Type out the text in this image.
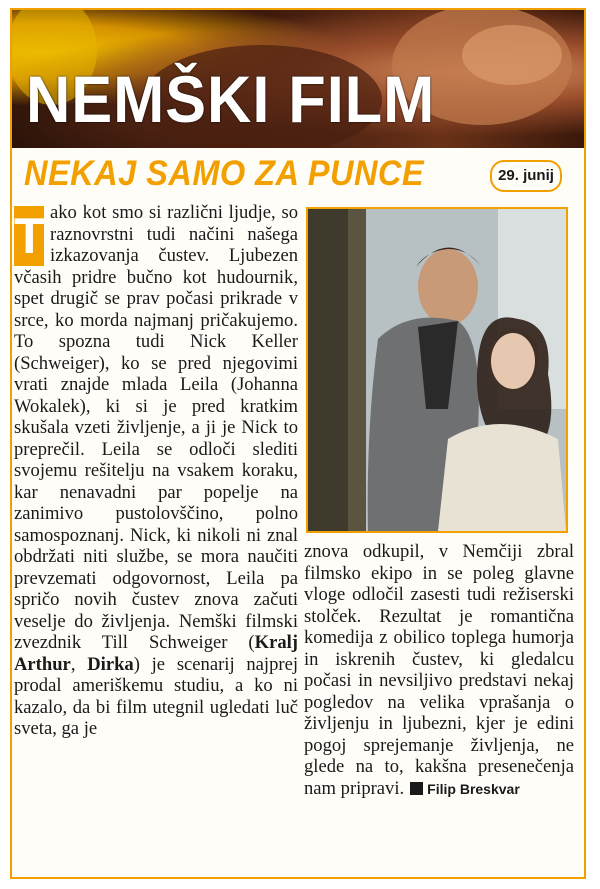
NEMŠKI FILM
NEKAJ SAMO ZA PUNCE	29. junij
T ako kot smo si različni ljudje, so raznovrstni tudi načini našega izkazovanja čustev. Ljubezen včasih pridre bučno kot hudournik, spet drugič se prav počasi prikrade v srce, ko morda najmanj pričakujemo. To spozna tudi Nick Keller (Schweiger), ko se pred njegovimi vrati znajde mlada Leila (Johanna Wokalek), ki si je pred kratkim skušala vzeti življenje, a ji je Nick to preprečil. Leila se odloči slediti svojemu rešitelju na vsakem koraku, kar nenavadni par popelje na zanimivo pustolovščino, polno samospoznanj. Nick, ki nikoli ni znal obdržati niti službe, se mora naučiti prevzemati odgovornost, Leila pa spričo novih čustev znova začuti veselje do življenja. Nemški filmski zvezdnik Till Schweiger (Kralj Arthur, Dirka) je scenarij najprej prodal ameriškemu studiu, a ko ni kazalo, da bi film utegnil ugledati luč sveta, ga je
znova odkupil, v Nemčiji zbral filmsko ekipo in se poleg glavne vloge odločil zasesti tudi režiserski stolček. Rezultat je romantična komedija z obilico toplega humorja in iskrenih čustev, ki gledalcu počasi in nevsiljivo predstavi nekaj pogledov na velika vprašanja o življenju in ljubezni, kjer je edini pogoj sprejemanje življenja, ne glede na to, kakšna presenečenja nam pripravi. Filip Breskvar
